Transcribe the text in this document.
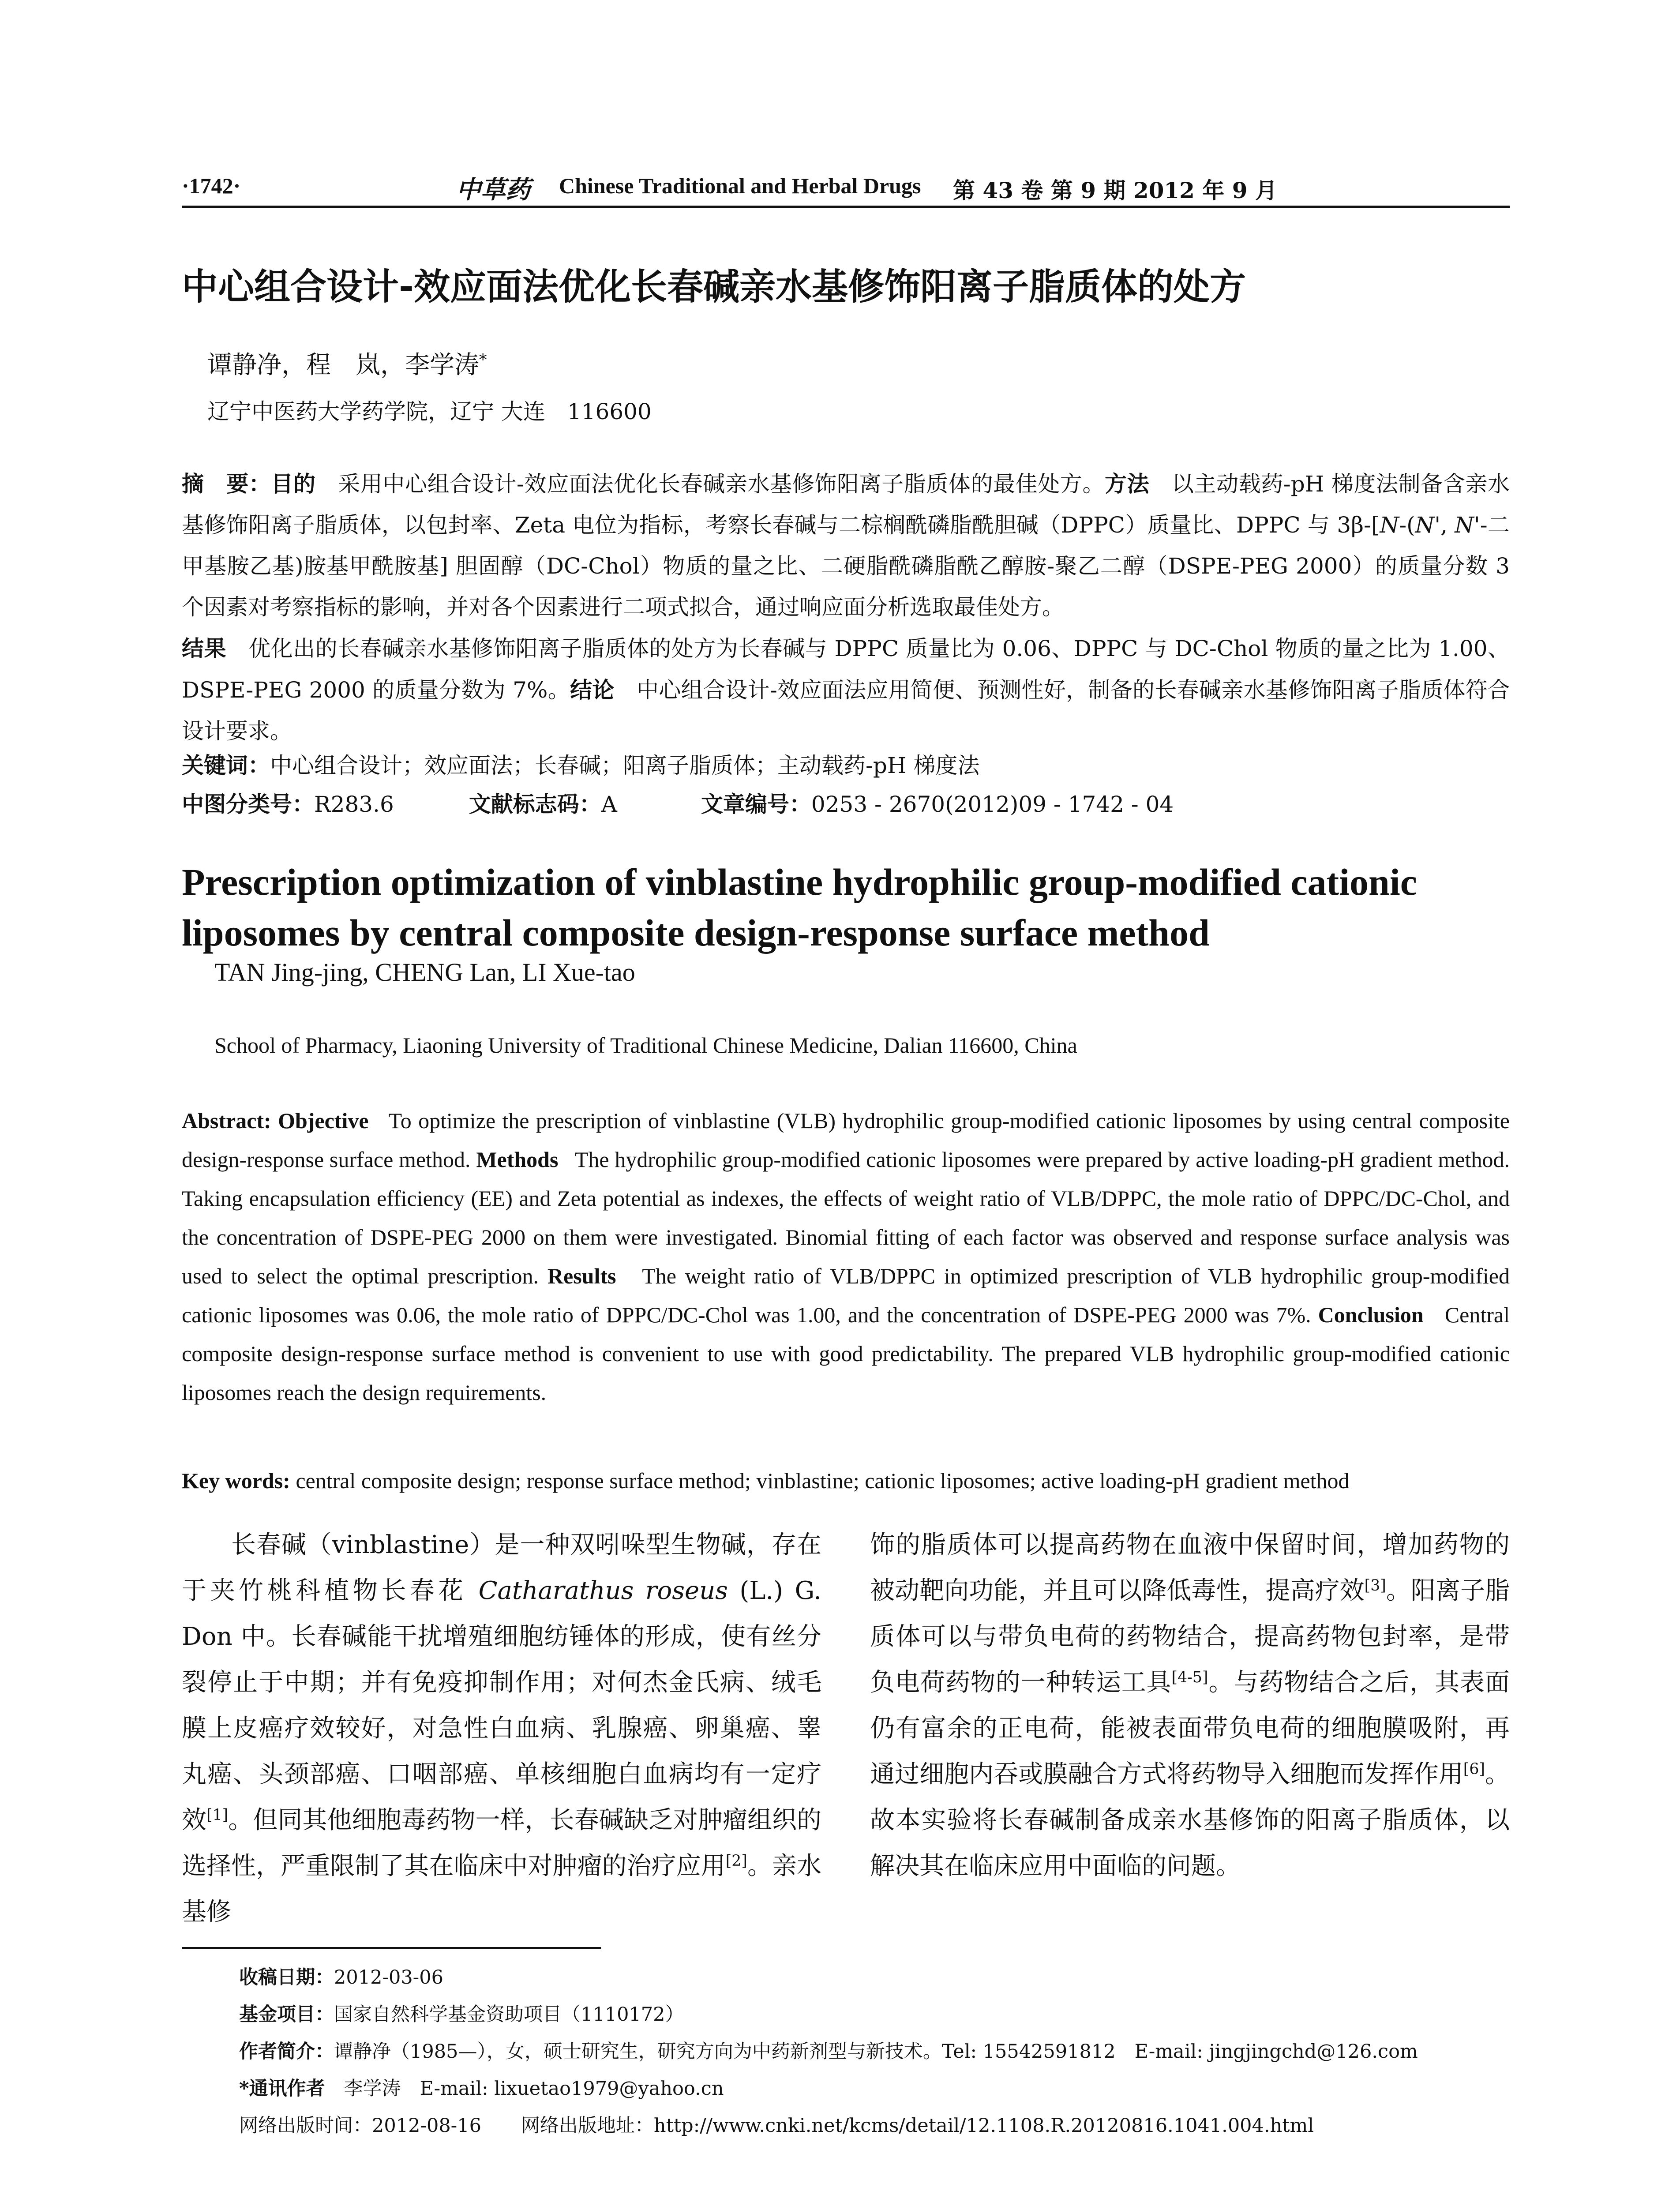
·1742·	中草药 Chinese Traditional and Herbal Drugs 第 43 卷 第 9 期 2012 年 9 月
中心组合设计-效应面法优化长春碱亲水基修饰阳离子脂质体的处方
谭静净，程　岚，李学涛*
辽宁中医药大学药学院，辽宁 大连　116600
摘　要：目的　 采用中心组合设计-效应面法优化长春碱亲水基修饰阳离子脂质体的最佳处方。方法　 以主动载药-pH 梯度法制备含亲水基修饰阳离子脂质体，以包封率、Zeta 电位为指标，考察长春碱与二棕榈酰磷脂酰胆碱（DPPC）质量比、DPPC 与 3β-[N-(N', N'-二甲基胺乙基)胺基甲酰胺基] 胆固醇（DC-Chol）物质的量之比、二硬脂酰磷脂酰乙醇胺-聚乙二醇（DSPE-PEG 2000）的质量分数 3 个因素对考察指标的影响，并对各个因素进行二项式拟合，通过响应面分析选取最佳处方。
结果　 优化出的长春碱亲水基修饰阳离子脂质体的处方为长春碱与 DPPC 质量比为 0.06、DPPC 与 DC-Chol 物质的量之比为 1.00、DSPE-PEG 2000 的质量分数为 7%。结论　 中心组合设计-效应面法应用简便、预测性好，制备的长春碱亲水基修饰阳离子脂质体符合设计要求。
关键词：中心组合设计；效应面法；长春碱；阳离子脂质体；主动载药-pH 梯度法
中图分类号：R283.6	文献标志码：A	文章编号：0253 - 2670(2012)09 - 1742 - 04
Prescription optimization of vinblastine hydrophilic group-modified cationic liposomes by central composite design-response surface method
TAN Jing-jing, CHENG Lan, LI Xue-tao
School of Pharmacy, Liaoning University of Traditional Chinese Medicine, Dalian 116600, China
Abstract: Objective To optimize the prescription of vinblastine (VLB) hydrophilic group-modified cationic liposomes by using central composite design-response surface method. Methods The hydrophilic group-modified cationic liposomes were prepared by active loading-pH gradient method. Taking encapsulation efficiency (EE) and Zeta potential as indexes, the effects of weight ratio of VLB/DPPC, the mole ratio of DPPC/DC-Chol, and the concentration of DSPE-PEG 2000 on them were investigated. Binomial fitting of each factor was observed and response surface analysis was used to select the optimal prescription. Results The weight ratio of VLB/DPPC in optimized prescription of VLB hydrophilic group-modified cationic liposomes was 0.06, the mole ratio of DPPC/DC-Chol was 1.00, and the concentration of DSPE-PEG 2000 was 7%. Conclusion Central composite design-response surface method is convenient to use with good predictability. The prepared VLB hydrophilic group-modified cationic liposomes reach the design requirements.
Key words: central composite design; response surface method; vinblastine; cationic liposomes; active loading-pH gradient method
长春碱（vinblastine）是一种双吲哚型生物碱，存在于夹竹桃科植物长春花 Catharathus roseus (L.) G. Don 中。长春碱能干扰增殖细胞纺锤体的形成，使有丝分裂停止于中期；并有免疫抑制作用；对何杰金氏病、绒毛膜上皮癌疗效较好，对急性白血病、乳腺癌、卵巢癌、睾丸癌、头颈部癌、口咽部癌、单核细胞白血病均有一定疗效[1]。但同其他细胞毒药物一样，长春碱缺乏对肿瘤组织的选择性，严重限制了其在临床中对肿瘤的治疗应用[2]。亲水基修
饰的脂质体可以提高药物在血液中保留时间，增加药物的被动靶向功能，并且可以降低毒性，提高疗效[3]。阳离子脂质体可以与带负电荷的药物结合，提高药物包封率，是带负电荷药物的一种转运工具[4-5]。与药物结合之后，其表面仍有富余的正电荷，能被表面带负电荷的细胞膜吸附，再通过细胞内吞或膜融合方式将药物导入细胞而发挥作用[6]。故本实验将长春碱制备成亲水基修饰的阳离子脂质体，以解决其在临床应用中面临的问题。
收稿日期：2012-03-06
基金项目：国家自然科学基金资助项目（1110172）
作者简介：谭静净（1985—），女，硕士研究生，研究方向为中药新剂型与新技术。Tel: 15542591812　E-mail: jingjingchd@126.com
*通讯作者　 李学涛　E-mail: lixuetao1979@yahoo.cn
网络出版时间：2012-08-16 网络出版地址：http://www.cnki.net/kcms/detail/12.1108.R.20120816.1041.004.html
